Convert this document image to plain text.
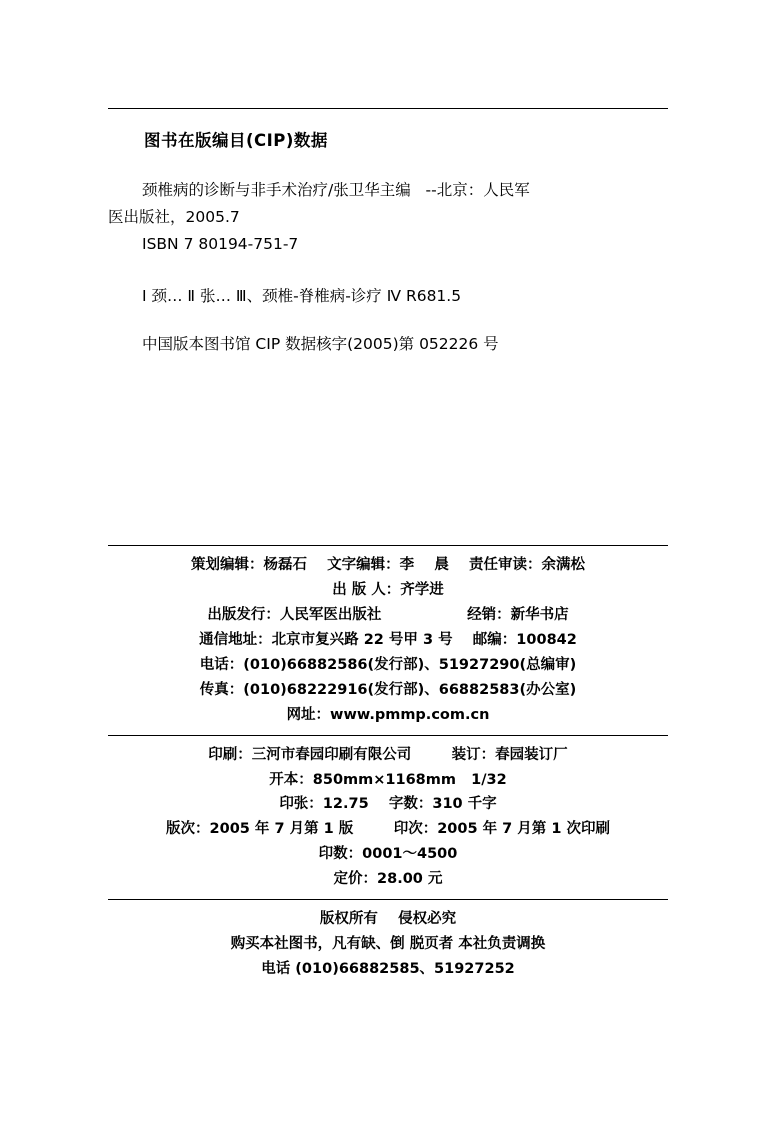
图书在版编目(CIP)数据
颈椎病的诊断与非手术治疗/张卫华主编   --北京：人民军
医出版社，2005.7
ISBN 7 80194-751-7
Ⅰ 颈… Ⅱ 张… Ⅲ、颈椎-脊椎病-诊疗 Ⅳ R681.5
中国版本图书馆 CIP 数据核字(2005)第 052226 号
策划编辑：杨磊石    文字编辑：李    晨    责任审读：余满松
出 版 人：齐学进
出版发行：人民军医出版社                 经销：新华书店
通信地址：北京市复兴路 22 号甲 3 号    邮编：100842
电话：(010)66882586(发行部)、51927290(总编审)
传真：(010)68222916(发行部)、66882583(办公室)
网址：www.pmmp.com.cn
印刷：三河市春园印刷有限公司        装订：春园装订厂
开本：850mm×1168mm   1/32
印张：12.75    字数：310 千字
版次：2005 年 7 月第 1 版        印次：2005 年 7 月第 1 次印刷
印数：0001～4500
定价：28.00 元
版权所有    侵权必究
购买本社图书，凡有缺、倒 脱页者 本社负责调换
电话 (010)66882585、51927252
